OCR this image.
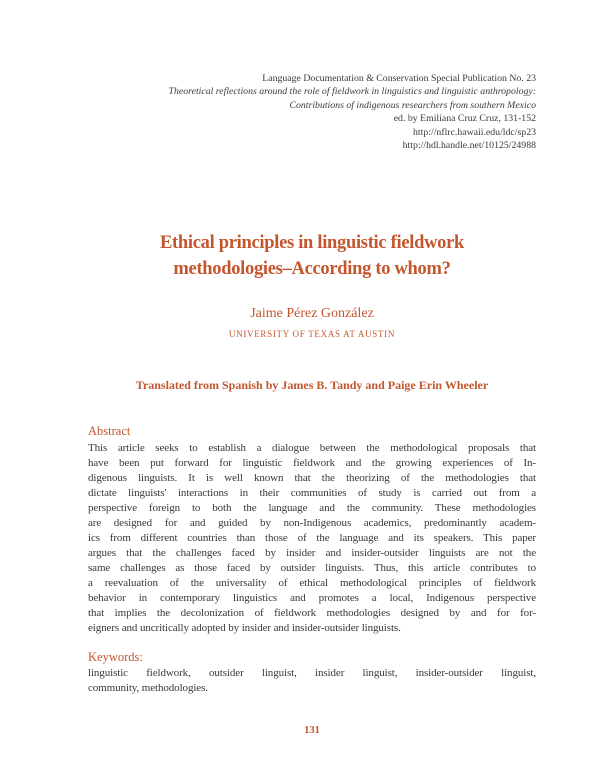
Language Documentation & Conservation Special Publication No. 23
Theoretical reflections around the role of fieldwork in linguistics and linguistic anthropology:
Contributions of indigenous researchers from southern Mexico
ed. by Emiliana Cruz Cruz, 131-152
http://nflrc.hawaii.edu/ldc/sp23
http://hdl.handle.net/10125/24988
Ethical principles in linguistic fieldwork
methodologies–According to whom?
Jaime Pérez González
UNIVERSITY OF TEXAS AT AUSTIN
Translated from Spanish by James B. Tandy and Paige Erin Wheeler
Abstract
This article seeks to establish a dialogue between the methodological proposals that
have been put forward for linguistic fieldwork and the growing experiences of In-
digenous linguists. It is well known that the theorizing of the methodologies that
dictate linguists' interactions in their communities of study is carried out from a
perspective foreign to both the language and the community. These methodologies
are designed for and guided by non-Indigenous academics, predominantly academ-
ics from different countries than those of the language and its speakers. This paper
argues that the challenges faced by insider and insider-outsider linguists are not the
same challenges as those faced by outsider linguists. Thus, this article contributes to
a reevaluation of the universality of ethical methodological principles of fieldwork
behavior in contemporary linguistics and promotes a local, Indigenous perspective
that implies the decolonization of fieldwork methodologies designed by and for for-
eigners and uncritically adopted by insider and insider-outsider linguists.
Keywords:
linguistic fieldwork, outsider linguist, insider linguist, insider-outsider linguist,
community, methodologies.
131
